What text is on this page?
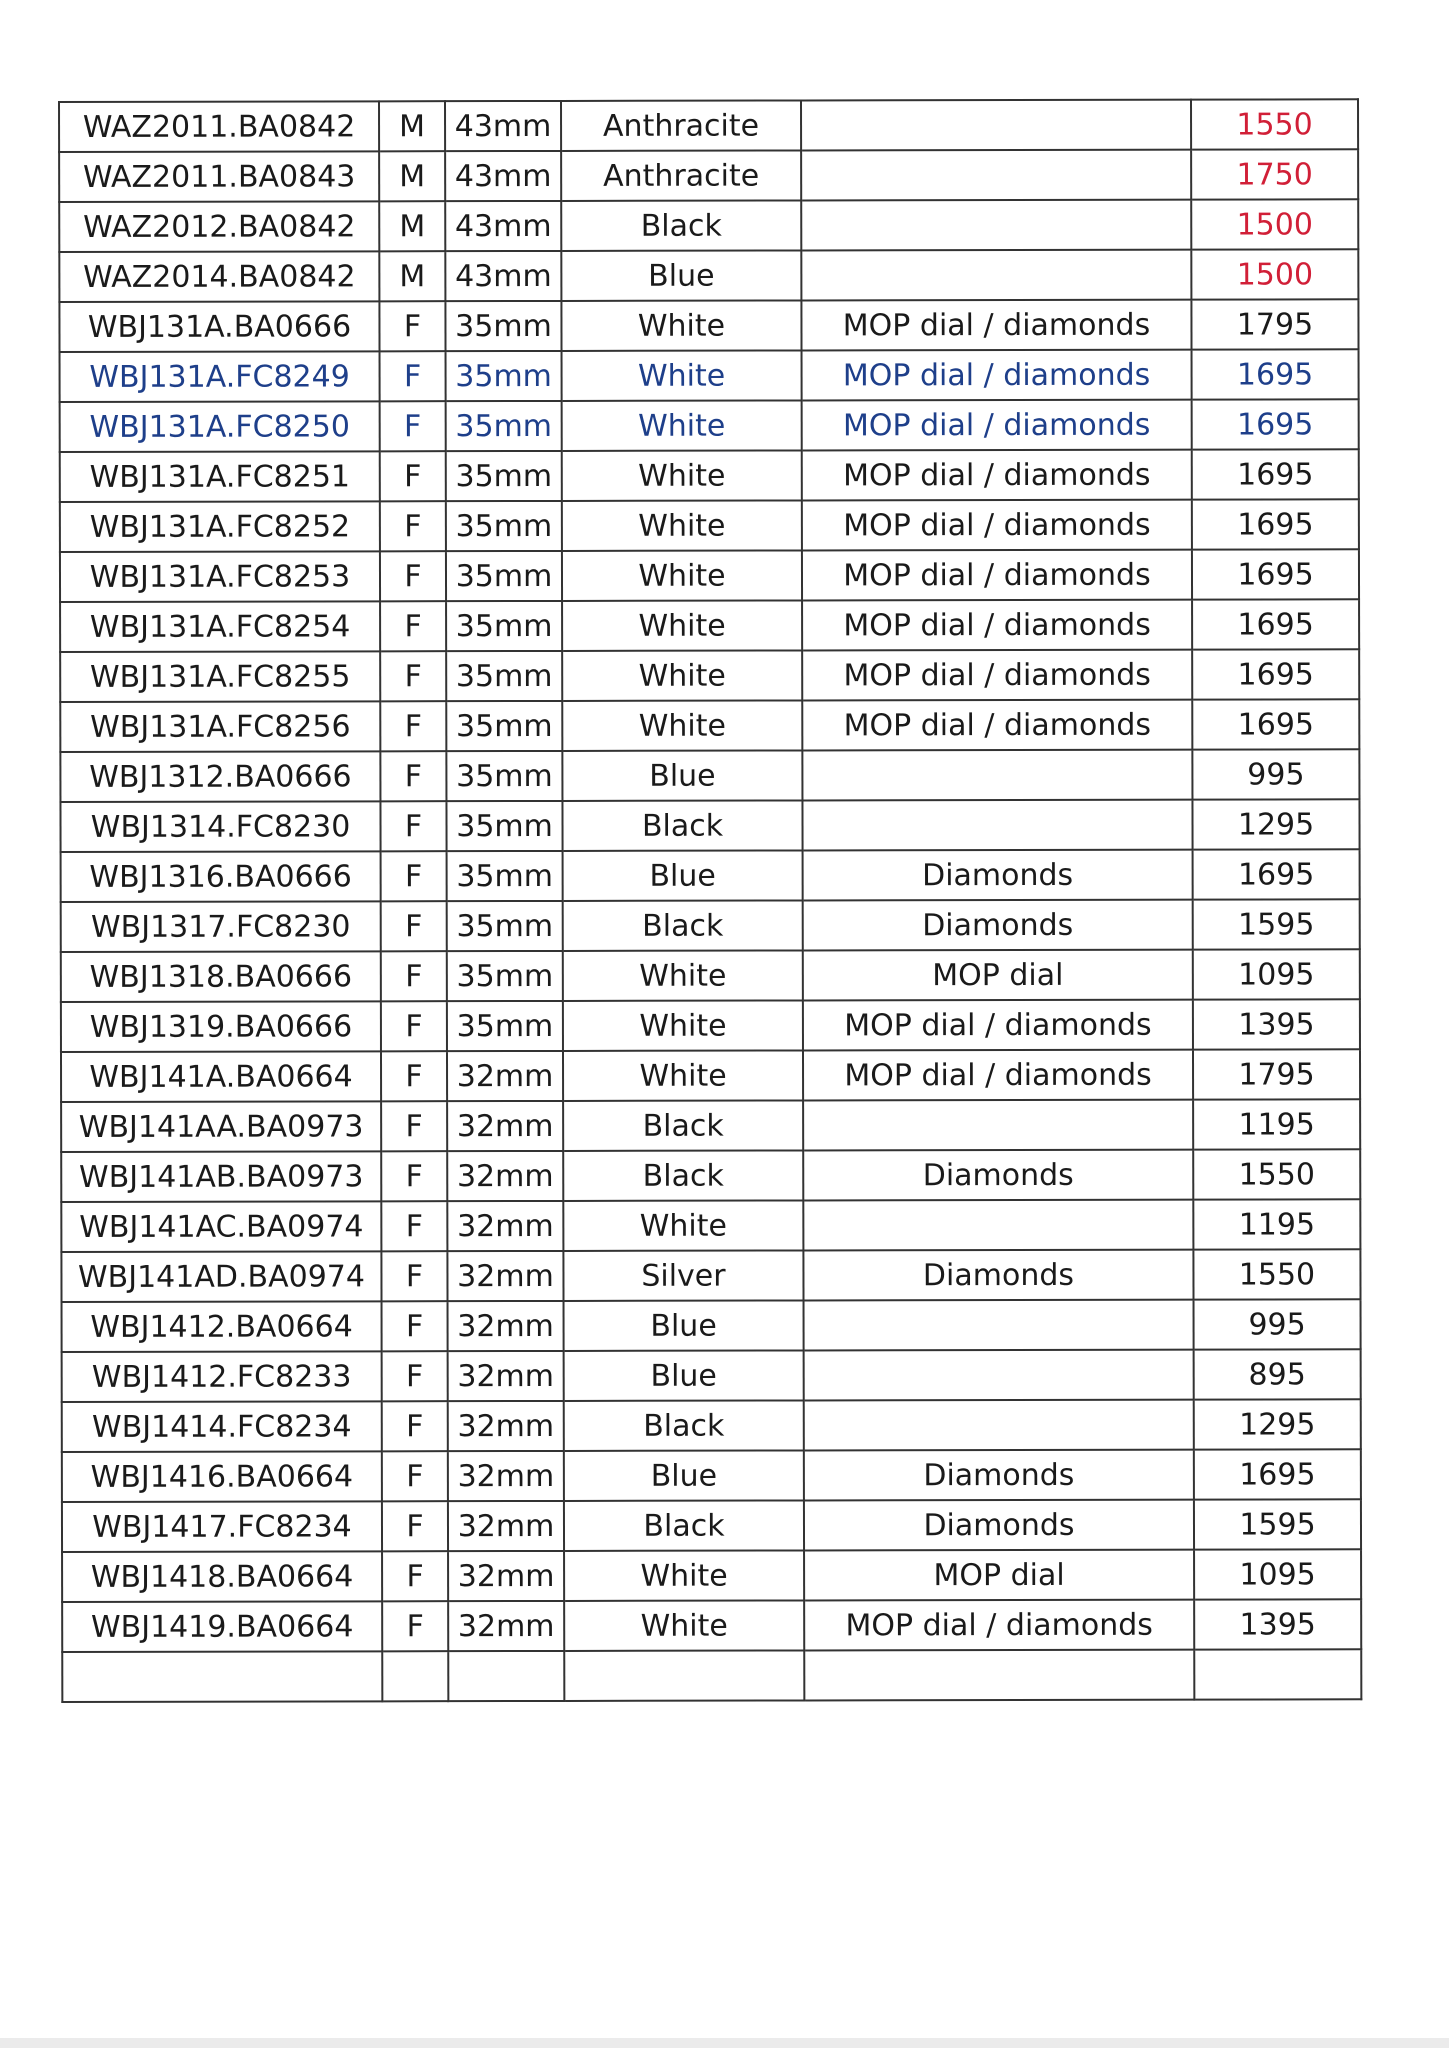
WAZ2011.BA0842	M	43mm	Anthracite		1550
WAZ2011.BA0843	M	43mm	Anthracite		1750
WAZ2012.BA0842	M	43mm	Black		1500
WAZ2014.BA0842	M	43mm	Blue		1500
WBJ131A.BA0666	F	35mm	White	MOP dial / diamonds	1795
WBJ131A.FC8249	F	35mm	White	MOP dial / diamonds	1695
WBJ131A.FC8250	F	35mm	White	MOP dial / diamonds	1695
WBJ131A.FC8251	F	35mm	White	MOP dial / diamonds	1695
WBJ131A.FC8252	F	35mm	White	MOP dial / diamonds	1695
WBJ131A.FC8253	F	35mm	White	MOP dial / diamonds	1695
WBJ131A.FC8254	F	35mm	White	MOP dial / diamonds	1695
WBJ131A.FC8255	F	35mm	White	MOP dial / diamonds	1695
WBJ131A.FC8256	F	35mm	White	MOP dial / diamonds	1695
WBJ1312.BA0666	F	35mm	Blue		995
WBJ1314.FC8230	F	35mm	Black		1295
WBJ1316.BA0666	F	35mm	Blue	Diamonds	1695
WBJ1317.FC8230	F	35mm	Black	Diamonds	1595
WBJ1318.BA0666	F	35mm	White	MOP dial	1095
WBJ1319.BA0666	F	35mm	White	MOP dial / diamonds	1395
WBJ141A.BA0664	F	32mm	White	MOP dial / diamonds	1795
WBJ141AA.BA0973	F	32mm	Black		1195
WBJ141AB.BA0973	F	32mm	Black	Diamonds	1550
WBJ141AC.BA0974	F	32mm	White		1195
WBJ141AD.BA0974	F	32mm	Silver	Diamonds	1550
WBJ1412.BA0664	F	32mm	Blue		995
WBJ1412.FC8233	F	32mm	Blue		895
WBJ1414.FC8234	F	32mm	Black		1295
WBJ1416.BA0664	F	32mm	Blue	Diamonds	1695
WBJ1417.FC8234	F	32mm	Black	Diamonds	1595
WBJ1418.BA0664	F	32mm	White	MOP dial	1095
WBJ1419.BA0664	F	32mm	White	MOP dial / diamonds	1395
